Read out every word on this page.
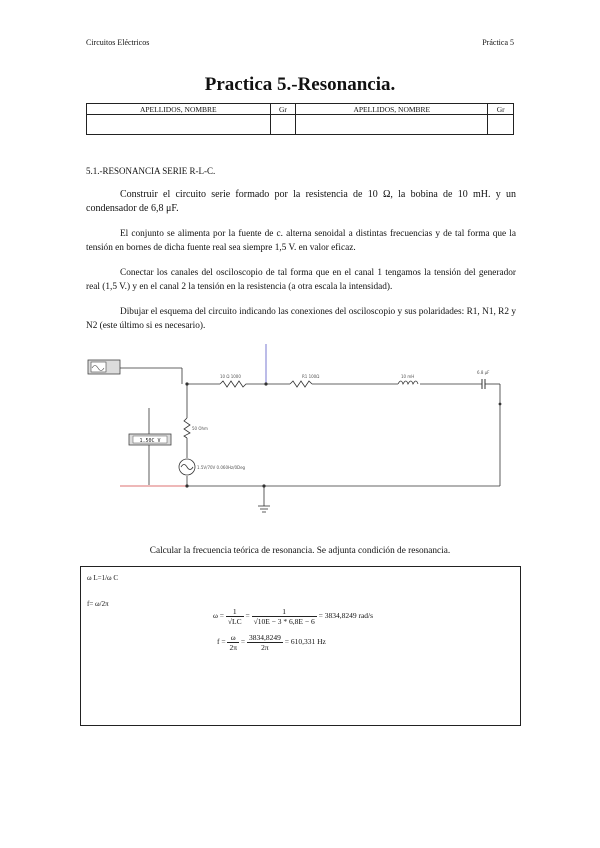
Circuitos Eléctricos	Práctica 5
Practica 5.-Resonancia.
APELLIDOS, NOMBRE	Gr	APELLIDOS, NOMBRE	Gr

5.1.-RESONANCIA SERIE R-L-C.
Construir el circuito serie formado por la resistencia de 10 Ω, la bobina de 10 mH. y un condensador de 6,8 μF.
El conjunto se alimenta por la fuente de c. alterna senoidal a distintas frecuencias y de tal forma que la tensión en bornes de dicha fuente real sea siempre 1,5 V. en valor eficaz.
Conectar los canales del osciloscopio de tal forma que en el canal 1 tengamos la tensión del generador real (1,5 V.) y en el canal 2 la tensión en la resistencia (a otra escala la intensidad).
Dibujar el esquema del circuito indicando las conexiones del osciloscopio y sus polaridades: R1, N1, R2 y N2 (este último si es necesario).
1.50C V
10 Ω 1000	R1 100Ω	10 mH
6.8 μF
50 Ohm
1.5V/70V 0.060Hz/0Deg
Calcular la frecuencia teórica de resonancia. Se adjunta condición de resonancia.
ω L=1/ω C
f= ω/2π
$\omega = \frac{1}{√LC} = \frac{1}{√10E - 3 * 6,8E - 6} = 3834,8249$ rad/s
$f = \frac{\omega}{2\pi} = \frac{3834,8249}{2\pi} = 610,331$ Hz
